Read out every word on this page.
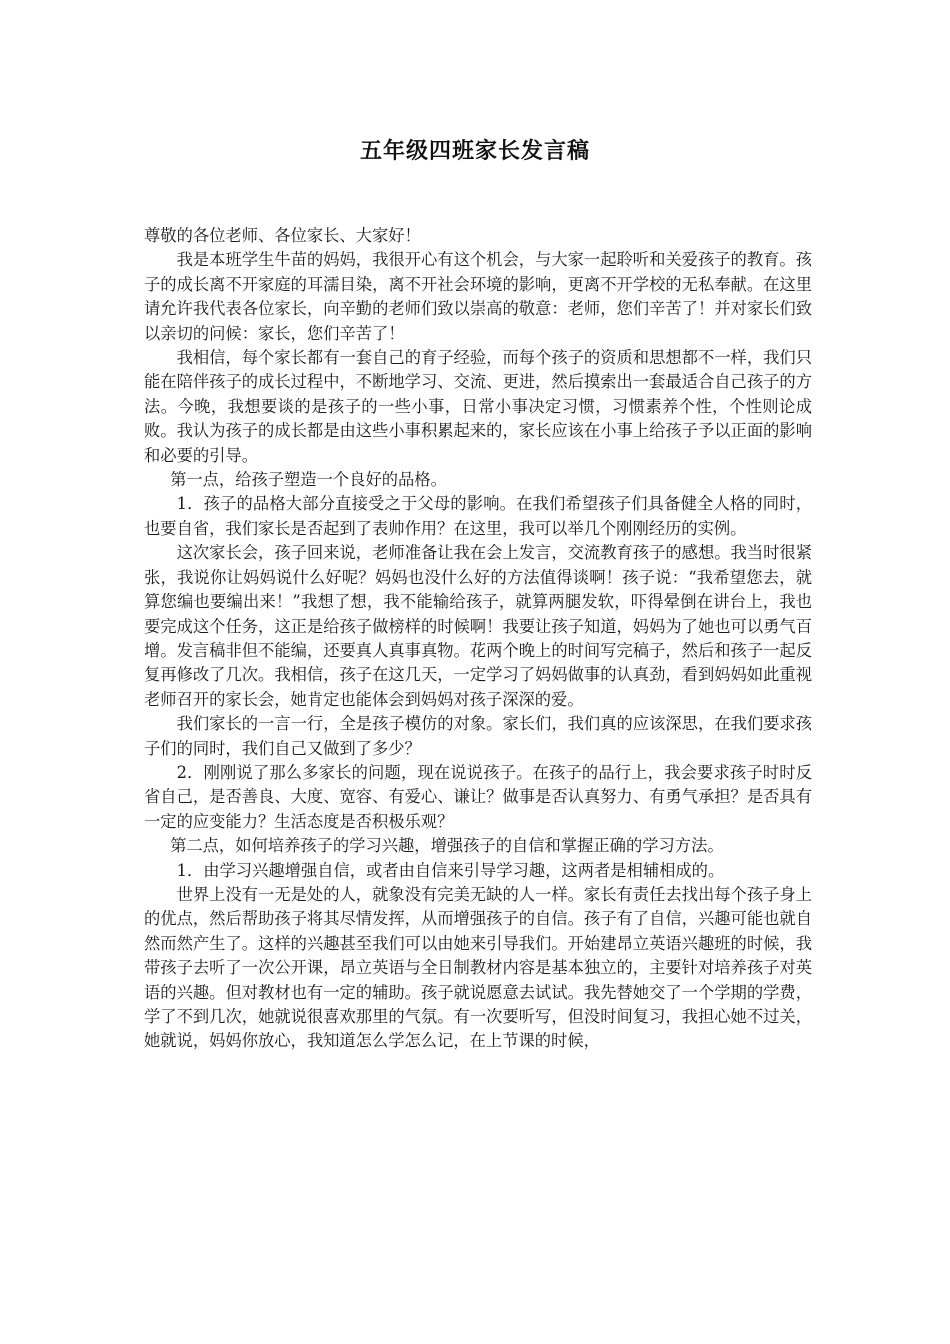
五年级四班家长发言稿

尊敬的各位老师、各位家长、大家好！

我是本班学生牛苗的妈妈，我很开心有这个机会，与大家一起聆听和关爱孩子的教育。孩子的成长离不开家庭的耳濡目染，离不开社会环境的影响，更离不开学校的无私奉献。在这里请允许我代表各位家长，向辛勤的老师们致以崇高的敬意：老师，您们辛苦了！并对家长们致以亲切的问候：家长，您们辛苦了！

我相信，每个家长都有一套自己的育子经验，而每个孩子的资质和思想都不一样，我们只能在陪伴孩子的成长过程中，不断地学习、交流、更进，然后摸索出一套最适合自己孩子的方法。今晚，我想要谈的是孩子的一些小事，日常小事决定习惯，习惯素养个性，个性则论成败。我认为孩子的成长都是由这些小事积累起来的，家长应该在小事上给孩子予以正面的影响和必要的引导。

第一点，给孩子塑造一个良好的品格。

1．孩子的品格大部分直接受之于父母的影响。在我们希望孩子们具备健全人格的同时，也要自省，我们家长是否起到了表帅作用？在这里，我可以举几个刚刚经历的实例。

这次家长会，孩子回来说，老师准备让我在会上发言，交流教育孩子的感想。我当时很紧张，我说你让妈妈说什么好呢？妈妈也没什么好的方法值得谈啊！孩子说：“我希望您去，就算您编也要编出来！”我想了想，我不能输给孩子，就算两腿发软，吓得晕倒在讲台上，我也要完成这个任务，这正是给孩子做榜样的时候啊！我要让孩子知道，妈妈为了她也可以勇气百增。发言稿非但不能编，还要真人真事真物。花两个晚上的时间写完稿子，然后和孩子一起反复再修改了几次。我相信，孩子在这几天，一定学习了妈妈做事的认真劲，看到妈妈如此重视老师召开的家长会，她肯定也能体会到妈妈对孩子深深的爱。

我们家长的一言一行，全是孩子模仿的对象。家长们，我们真的应该深思，在我们要求孩子们的同时，我们自己又做到了多少？

2．刚刚说了那么多家长的问题，现在说说孩子。在孩子的品行上，我会要求孩子时时反省自己，是否善良、大度、宽容、有爱心、谦让？做事是否认真努力、有勇气承担？是否具有一定的应变能力？生活态度是否积极乐观？

第二点，如何培养孩子的学习兴趣，增强孩子的自信和掌握正确的学习方法。

1．由学习兴趣增强自信，或者由自信来引导学习趣，这两者是相辅相成的。

世界上没有一无是处的人，就象没有完美无缺的人一样。家长有责任去找出每个孩子身上的优点，然后帮助孩子将其尽情发挥，从而增强孩子的自信。孩子有了自信，兴趣可能也就自然而然产生了。这样的兴趣甚至我们可以由她来引导我们。开始建昂立英语兴趣班的时候，我带孩子去听了一次公开课，昂立英语与全日制教材内容是基本独立的，主要针对培养孩子对英语的兴趣。但对教材也有一定的辅助。孩子就说愿意去试试。我先替她交了一个学期的学费，学了不到几次，她就说很喜欢那里的气氛。有一次要听写，但没时间复习，我担心她不过关，她就说，妈妈你放心，我知道怎么学怎么记，在上节课的时候，
